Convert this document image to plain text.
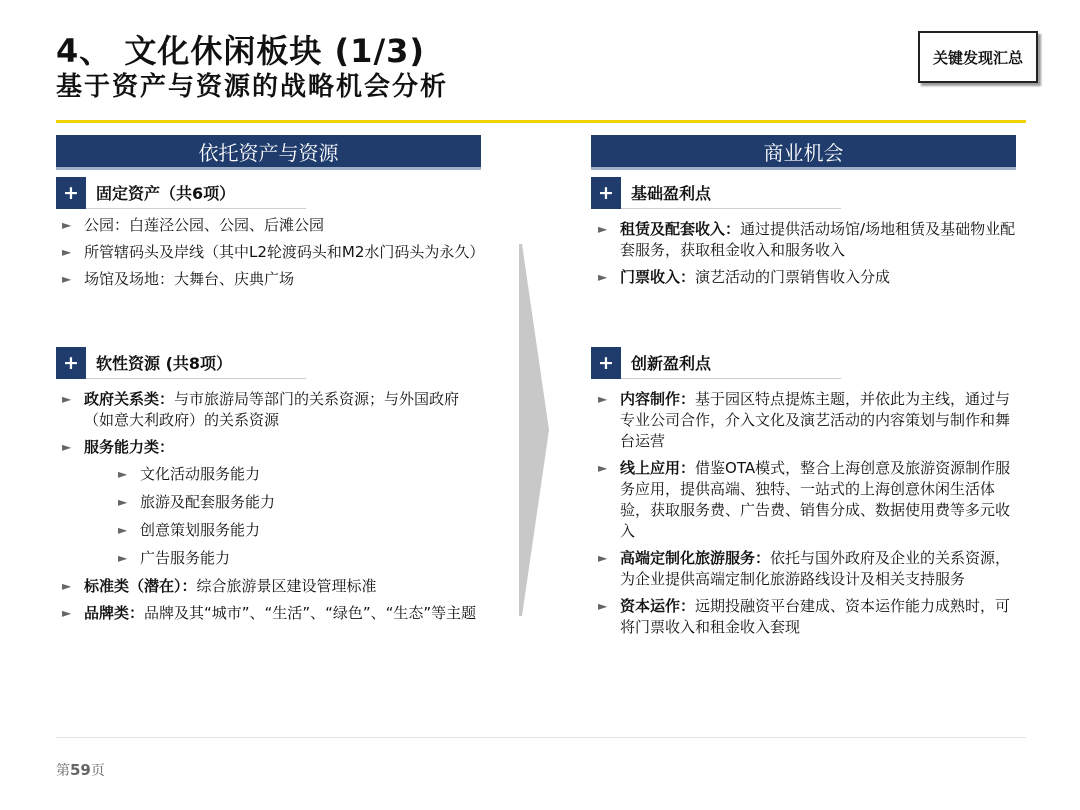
4、 文化休闲板块 (1/3)
基于资产与资源的战略机会分析
关键发现汇总
依托资产与资源
+	固定资产（共6项）
► 公园：白莲泾公园、公园、后滩公园
► 所管辖码头及岸线（其中L2轮渡码头和M2水门码头为永久）
► 场馆及场地：大舞台、庆典广场
+	软性资源 (共8项）
► 政府关系类：与市旅游局等部门的关系资源；与外国政府（如意大利政府）的关系资源
► 服务能力类：
► 文化活动服务能力
► 旅游及配套服务能力
► 创意策划服务能力
► 广告服务能力
► 标准类（潜在）：综合旅游景区建设管理标准
► 品牌类：品牌及其“城市”、“生活”、“绿色”、“生态”等主题
商业机会
+	基础盈利点
► 租赁及配套收入：通过提供活动场馆/场地租赁及基础物业配套服务，获取租金收入和服务收入
► 门票收入：演艺活动的门票销售收入分成
+	创新盈利点
► 内容制作：基于园区特点提炼主题，并依此为主线，通过与专业公司合作，介入文化及演艺活动的内容策划与制作和舞台运营
► 线上应用：借鉴OTA模式，整合上海创意及旅游资源制作服务应用，提供高端、独特、一站式的上海创意休闲生活体验，获取服务费、广告费、销售分成、数据使用费等多元收入
► 高端定制化旅游服务：依托与国外政府及企业的关系资源，为企业提供高端定制化旅游路线设计及相关支持服务
► 资本运作：远期投融资平台建成、资本运作能力成熟时，可将门票收入和租金收入套现
第59页
